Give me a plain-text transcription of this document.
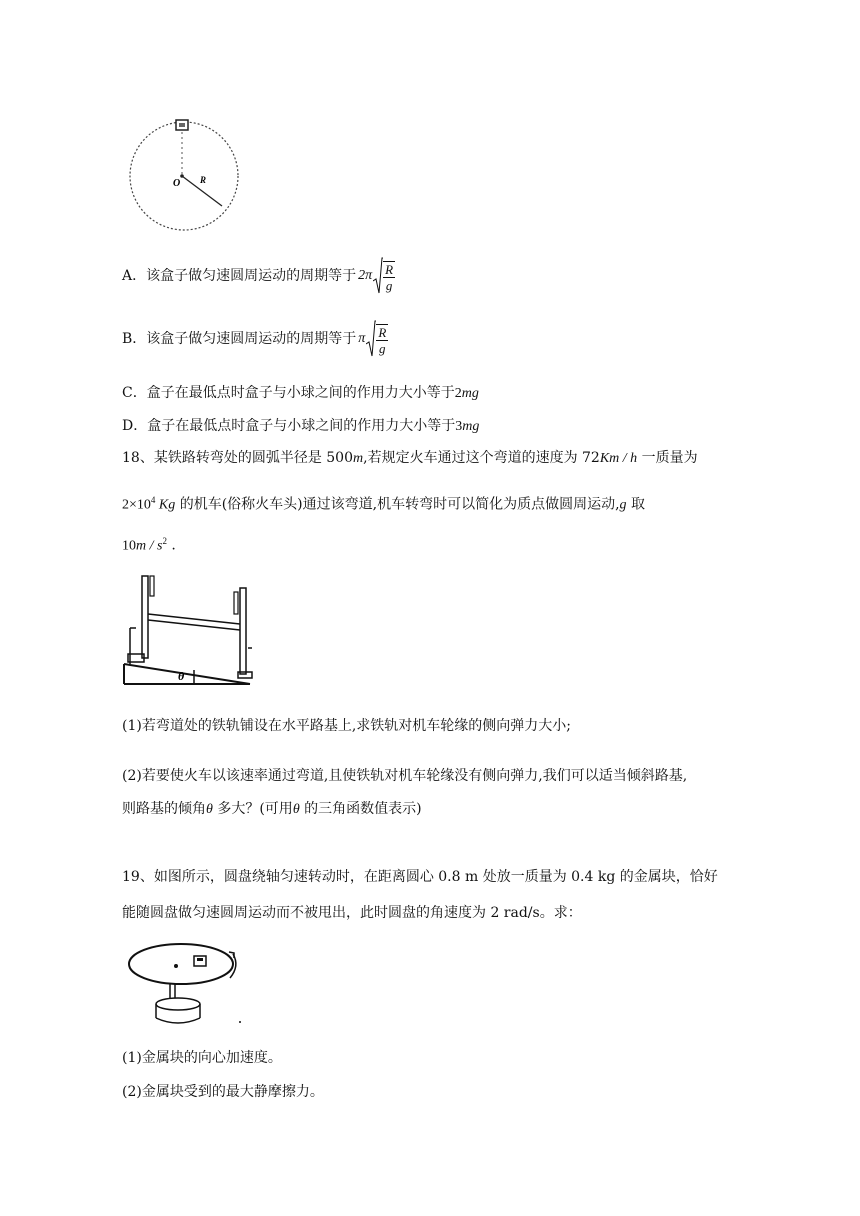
O R
A．该盒子做匀速圆周运动的周期等于 $2\pi \frac{R}{g}$
B．该盒子做匀速圆周运动的周期等于 π $\frac{R}{g}$
C．盒子在最低点时盒子与小球之间的作用力大小等于2mg
D．盒子在最低点时盒子与小球之间的作用力大小等于3mg
18、某铁路转弯处的圆弧半径是 500m,若规定火车通过这个弯道的速度为 72Km / h 一质量为
$2\times 10^4$ Kg 的机车(俗称火车头)通过该弯道,机车转弯时可以简化为质点做圆周运动,g 取
$10m / s^2$ .
θ
(1)若弯道处的铁轨铺设在水平路基上,求铁轨对机车轮缘的侧向弹力大小;
(2)若要使火车以该速率通过弯道,且使铁轨对机车轮缘没有侧向弹力,我们可以适当倾斜路基,
则路基的倾角θ 多大？(可用θ 的三角函数值表示)
19、如图所示，圆盘绕轴匀速转动时，在距离圆心 0.8 m 处放一质量为 0.4 kg 的金属块，恰好
能随圆盘做匀速圆周运动而不被甩出，此时圆盘的角速度为 2 rad/s。求：
(1)金属块的向心加速度。
(2)金属块受到的最大静摩擦力。
